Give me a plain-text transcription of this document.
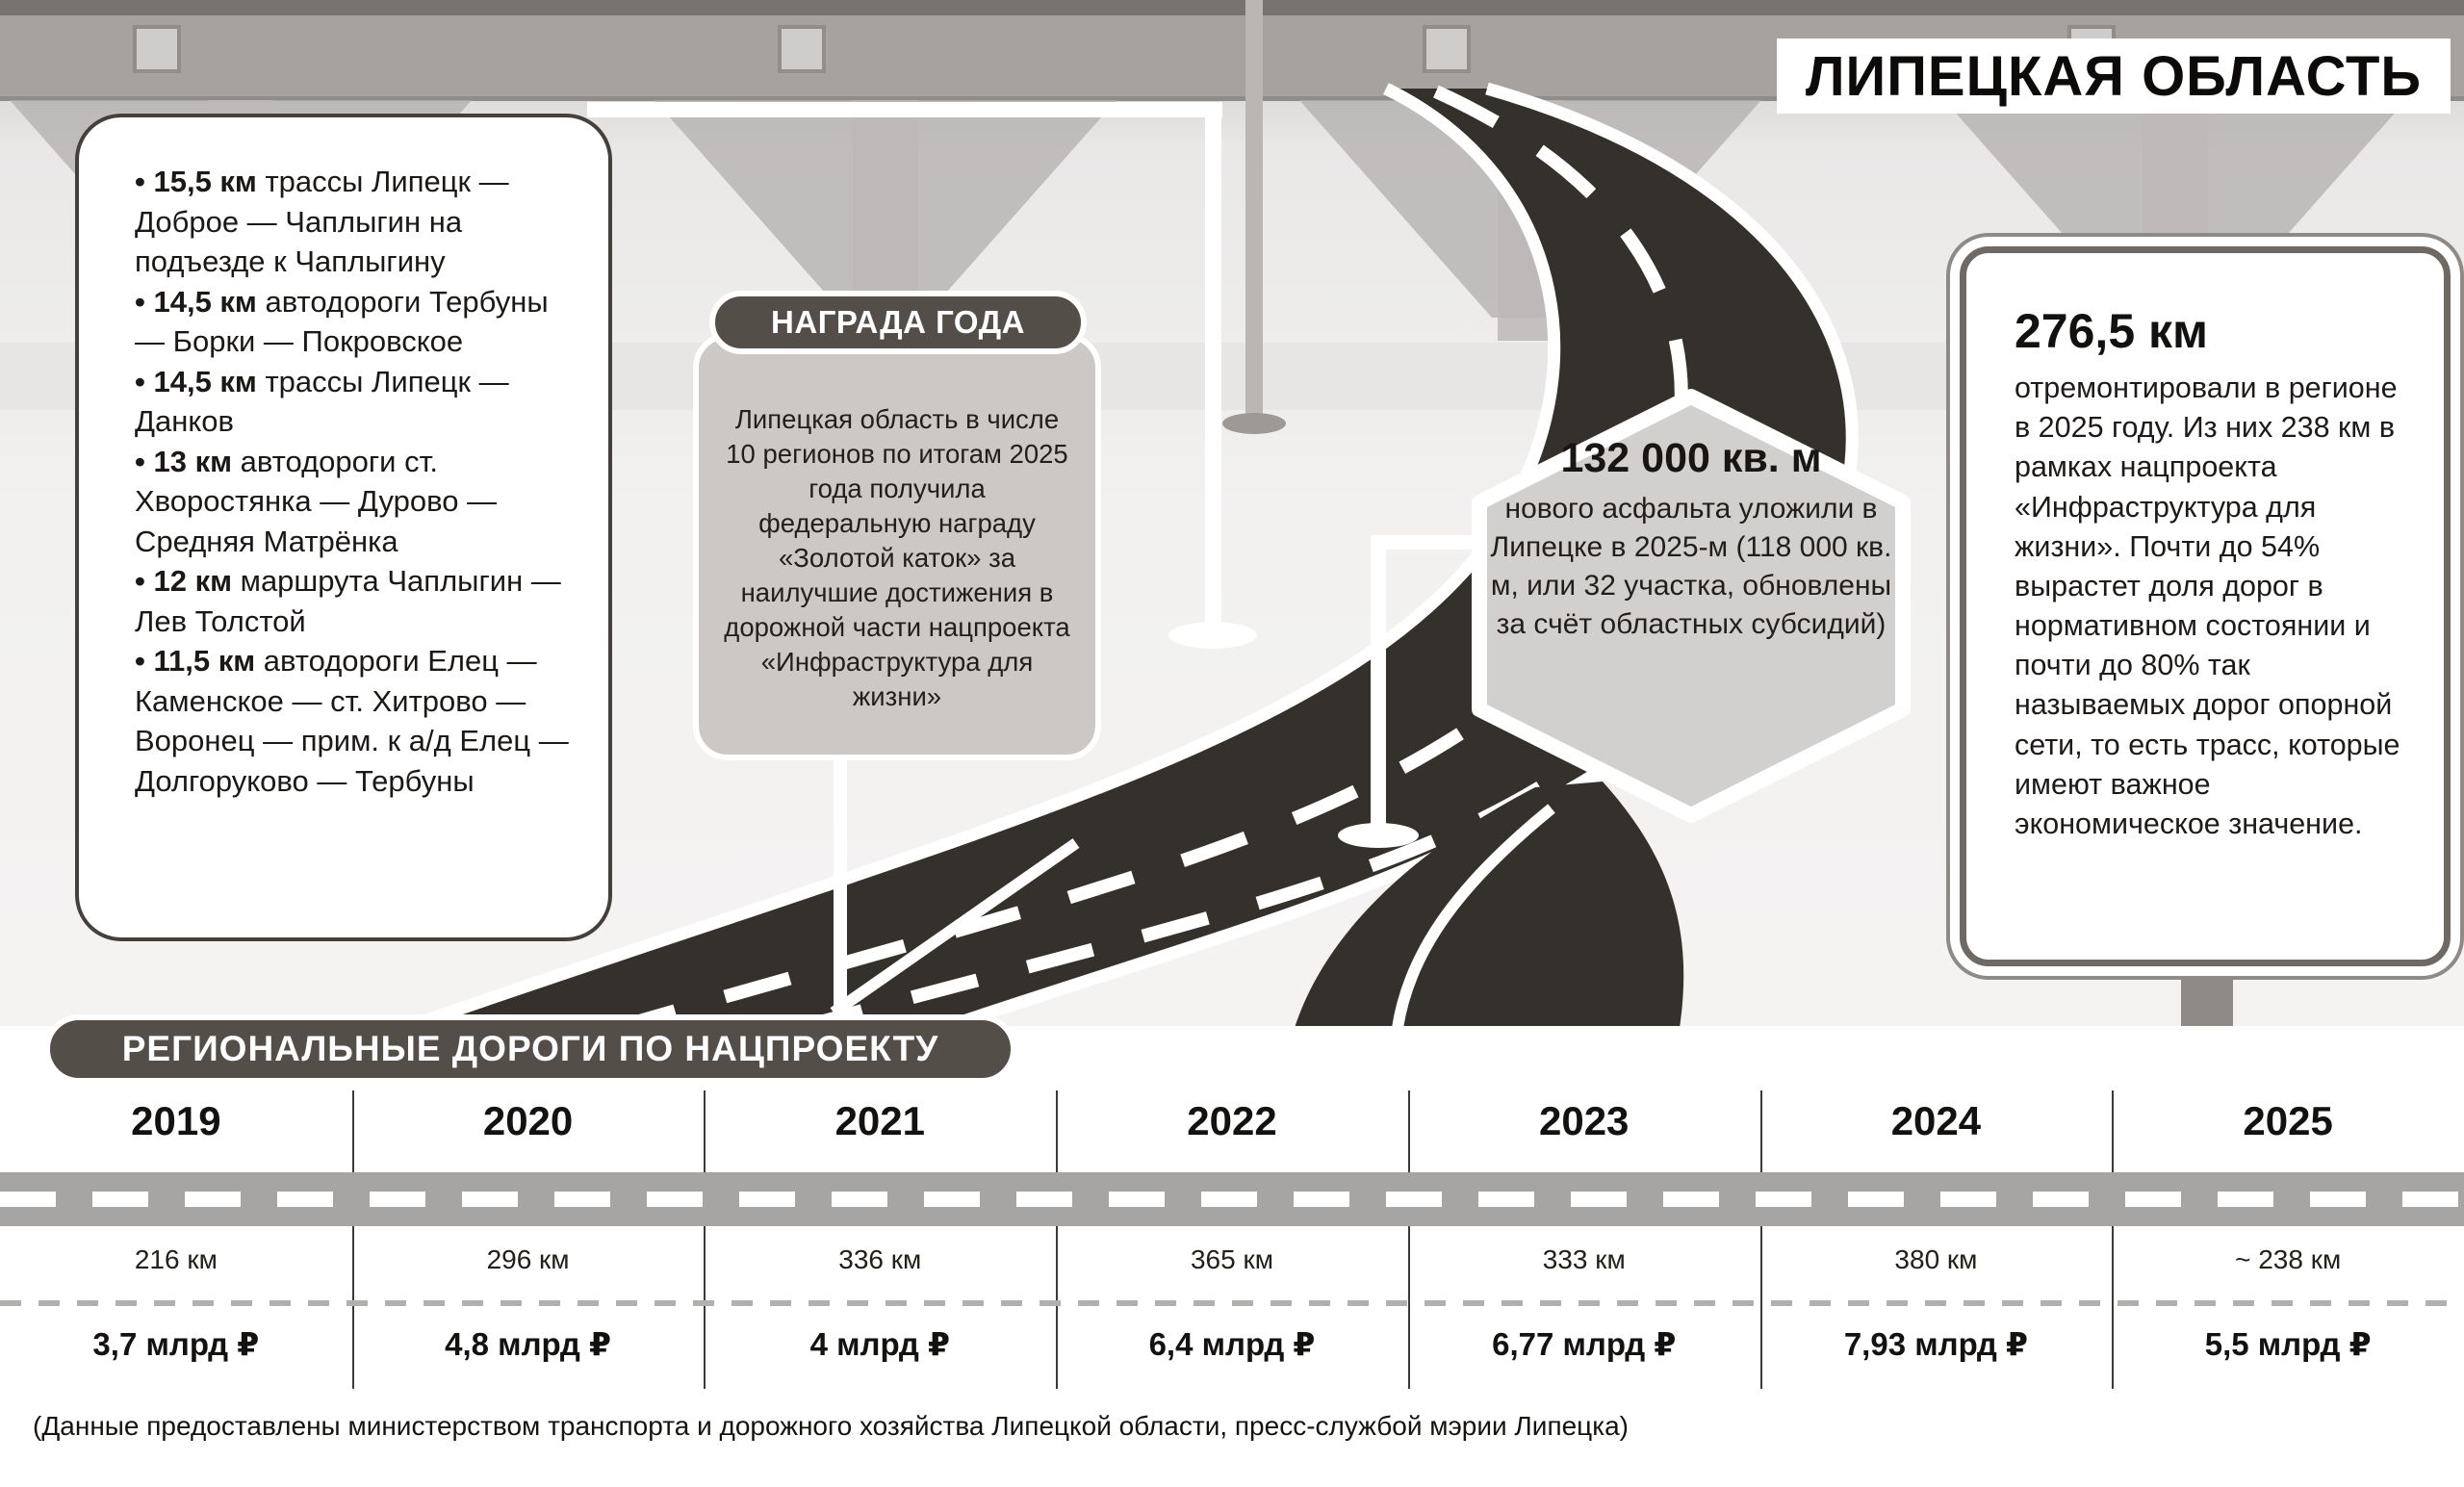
ЛИПЕЦКАЯ ОБЛАСТЬ
• 15,5 км трассы Липецк — Доброе — Чаплыгин на подъезде к Чаплыгину
• 14,5 км автодороги Тербуны — Борки — Покровское
• 14,5 км трассы Липецк — Данков
• 13 км автодороги ст. Хворостянка — Дурово — Средняя Матрёнка
• 12 км маршрута Чаплыгин — Лев Толстой
• 11,5 км автодороги Елец — Каменское — ст. Хитрово — Воронец — прим. к а/д Елец — Долгоруково — Тербуны
НАГРАДА ГОДА

Липецкая область в числе 10 регионов по итогам 2025 года получила федеральную награду «Золотой каток» за наилучшие достижения в дорожной части нацпроекта «Инфраструктура для жизни»

132 000 кв. м
нового асфальта уложили в Липецке в 2025-м (118 000 кв. м, или 32 участка, обновлены за счёт областных субсидий)
276,5 км
отремонтировали в регионе в 2025 году. Из них 238 км в рамках нацпроекта «Инфраструктура для жизни». Почти до 54% вырастет доля дорог в нормативном состоянии и почти до 80% так называемых дорог опорной сети, то есть трасс, которые имеют важное экономическое значение.
РЕГИОНАЛЬНЫЕ ДОРОГИ ПО НАЦПРОЕКТУ
2019	2020	2021	2022	2023	2024	2025
216 км	296 км	336 км	365 км	333 км	380 км	~ 238 км
3,7 млрд ₽	4,8 млрд ₽	4 млрд ₽	6,4 млрд ₽	6,77 млрд ₽	7,93 млрд ₽	5,5 млрд ₽

(Данные предоставлены министерством транспорта и дорожного хозяйства Липецкой области, пресс-службой мэрии Липецка)
